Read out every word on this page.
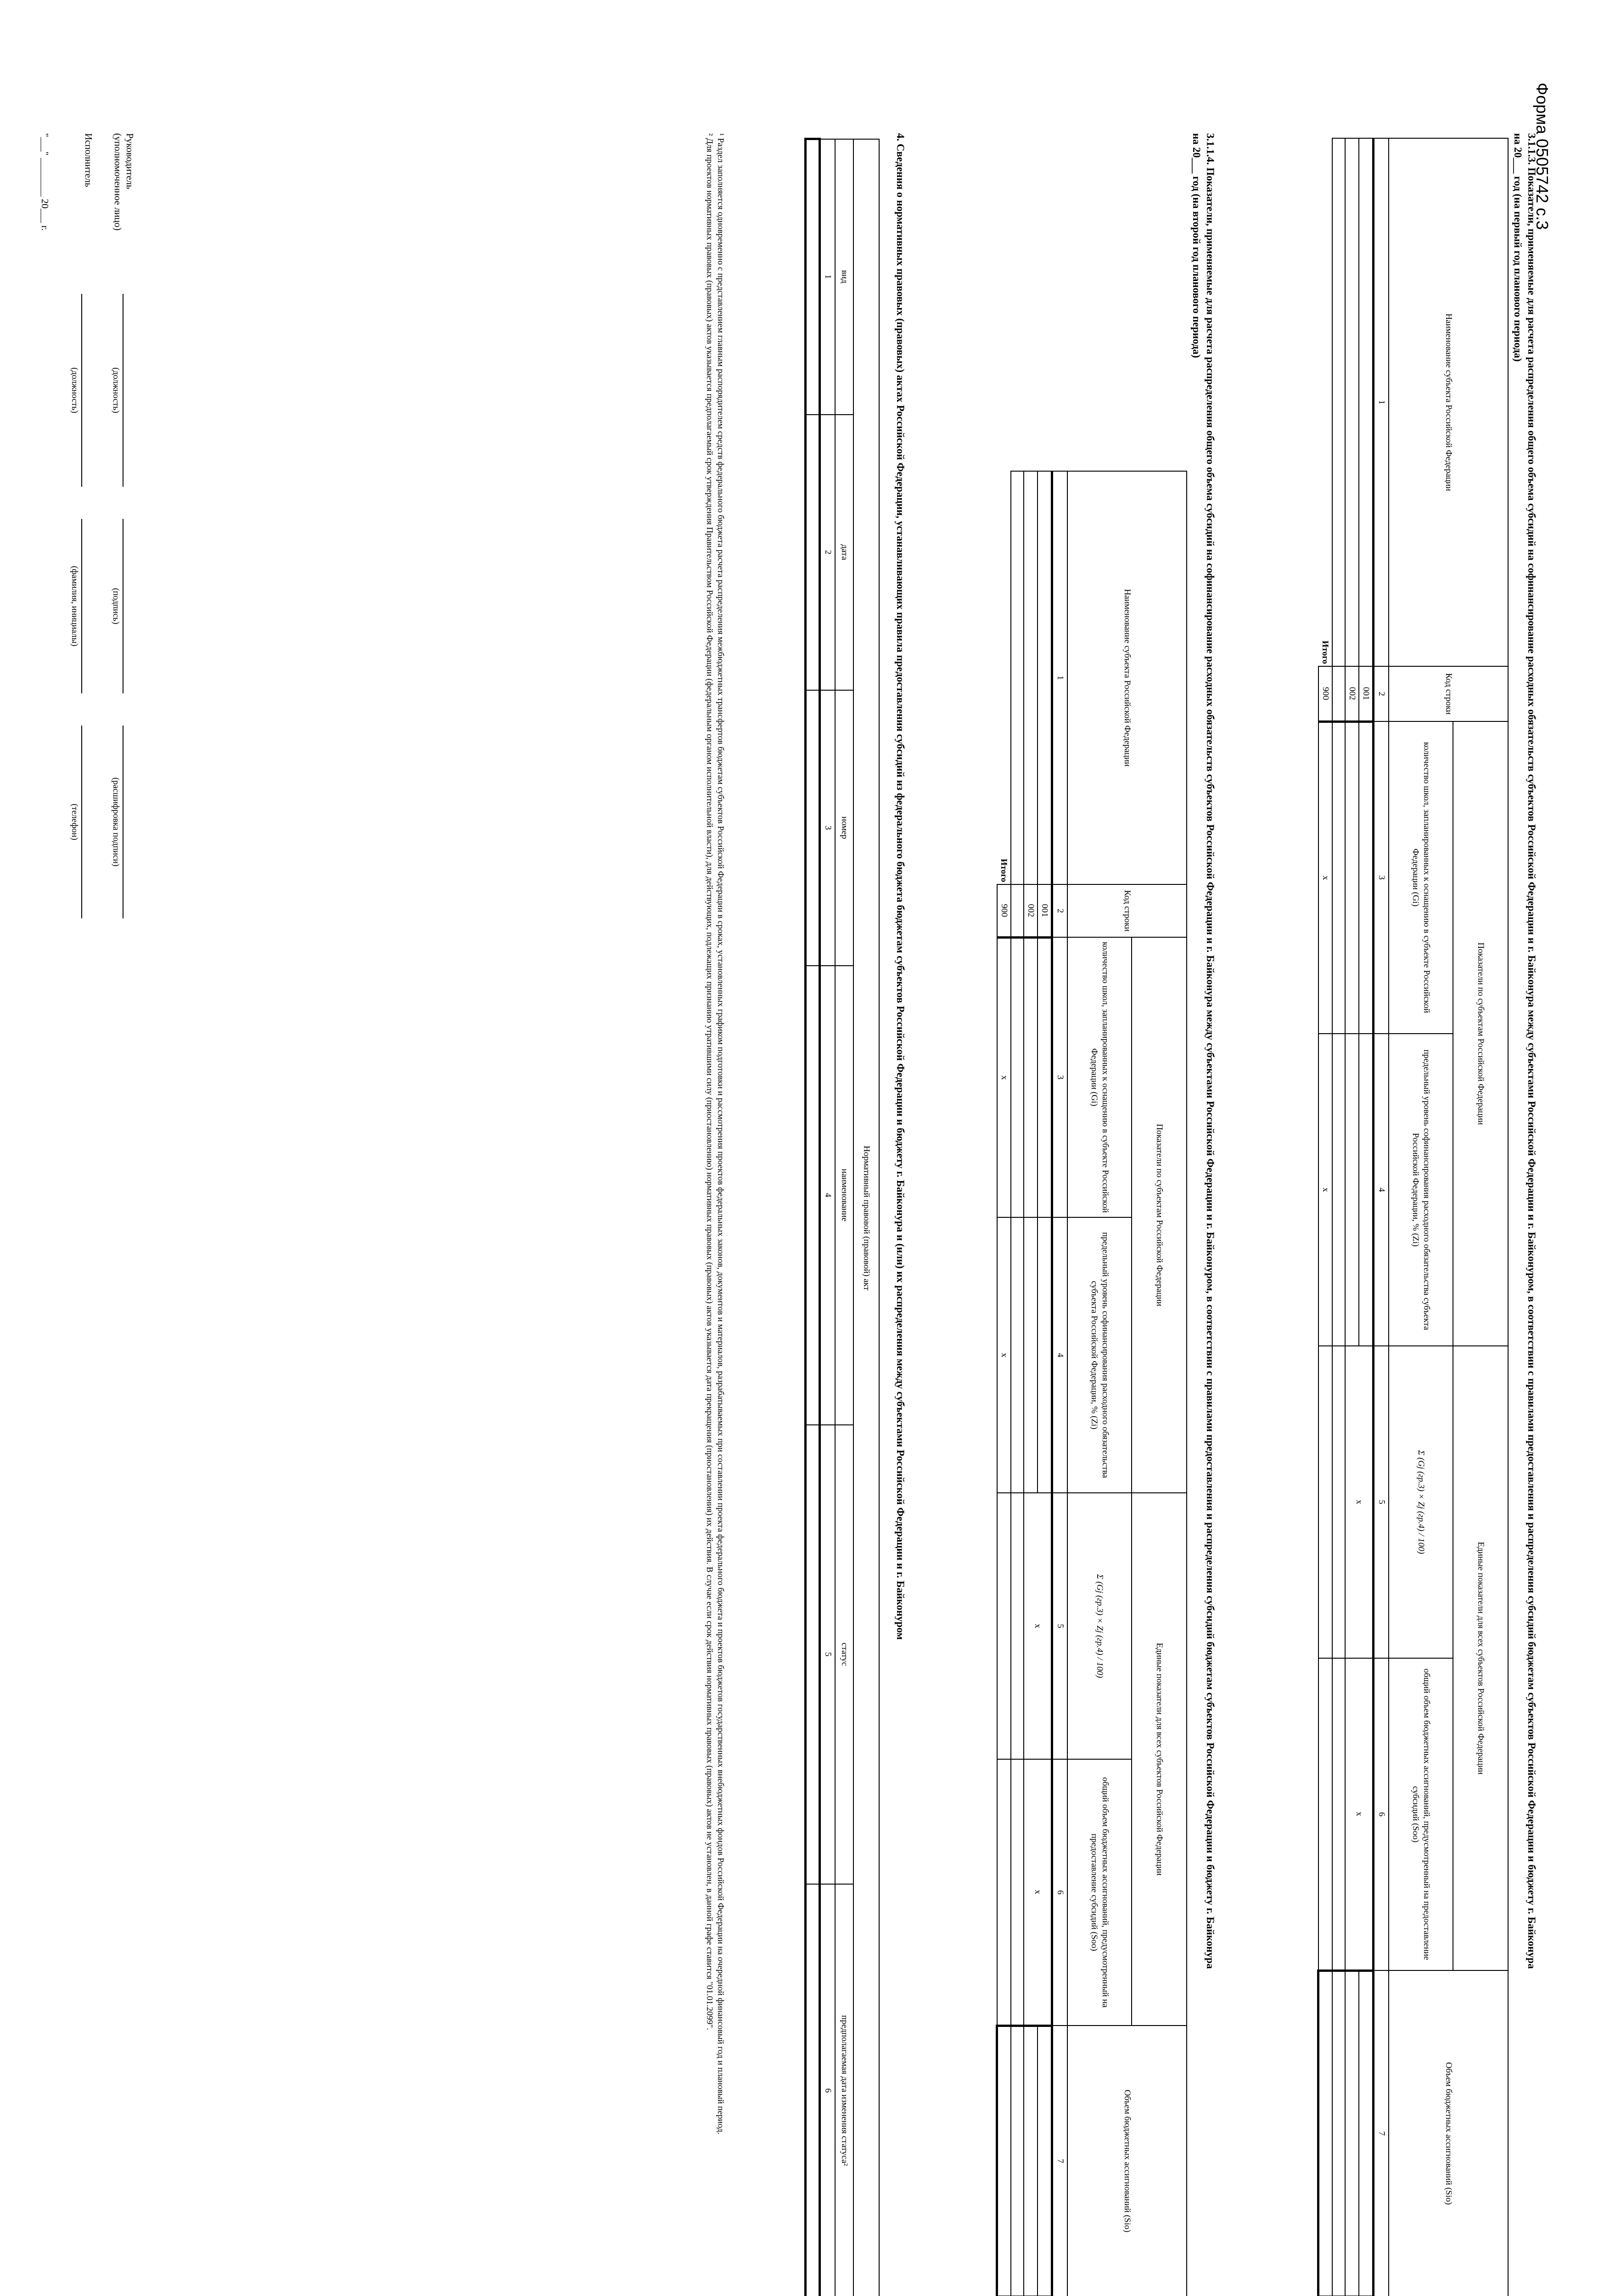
Форма 0505742 с.3
3.1.1.3. Показатели, применяемые для расчета распределения общего объема субсидий на софинансирование расходных обязательств субъектов Российской Федерации и г. Байконура между субъектами Российской Федерации и г. Байконуром, в соответствии с правилами предоставления и распределения субсидий бюджетам субъектов Российской Федерации и бюджету г. Байконура
на 20___ год (на первый год планового периода)
Наименование субъекта Российской Федерации	Код строки	Показатели по субъектам Российской Федерации		Единые показатели для всех субъектов Российской Федерации		Объем бюджетных ассигнований (Sio)
		количество школ, запланированных к оснащению в субъекте Российской Федерации (Gi)	предельный уровень софинансирования расходного обязательства субъекта Российской Федерации, % (Zi)	Σ (Gj (гр.3) × Zj (гр.4) / 100)	общий объем бюджетных ассигнований, предусмотренный на предоставление субсидий (Soo)	
1	2	3	4	5	6	7
	001			x	x	
	002					

Итого	900	x	x			
3.1.1.4. Показатели, применяемые для расчета распределения общего объема субсидий на софинансирование расходных обязательств субъектов Российской Федерации и г. Байконура между субъектами Российской Федерации и г. Байконуром, в соответствии с правилами предоставления и распределения субсидий бюджетам субъектов Российской Федерации и бюджету г. Байконура
на 20___ год (на второй год планового периода)
Наименование субъекта Российской Федерации	Код строки	Показатели по субъектам Российской Федерации		Единые показатели для всех субъектов Российской Федерации		Объем бюджетных ассигнований (Sio)
		количество школ, запланированных к оснащению в субъекте Российской Федерации (Gi)	предельный уровень софинансирования расходного обязательства субъекта Российской Федерации, % (Zi)	Σ (Gj (гр.3) × Zj (гр.4) / 100)	общий объем бюджетных ассигнований, предусмотренный на предоставление субсидий (Soo)	
1	2	3	4	5	6	7
	001			x	x	
	002					

Итого	900	x	x			
4. Сведения о нормативных правовых (правовых) актах Российской Федерации, устанавливающих правила предоставления субсидий из федерального бюджета бюджетам субъектов Российской Федерации и бюджету г. Байконура и (или) их распределения между субъектами Российской Федерации и г. Байконуром
Нормативный правовой (правовой) акт					
вид	дата	номер	наименование	статус	предполагаемая дата изменения статуса²
1	2	3	4	5	6

¹ Раздел заполняется одновременно с представлением главным распорядителем средств федерального бюджета расчета распределения межбюджетных трансфертов бюджетам субъектов Российской Федерации в сроках, установленных графиком подготовки и рассмотрения проектов федеральных законов, документов и материалов, разрабатываемых при составлении проекта федерального бюджета и проектов бюджетов государственных внебюджетных фондов Российской Федерации на очередной финансовый год и плановый период.
² Для проектов нормативных правовых (правовых) актов указывается предполагаемый срок утверждения Правительством Российской Федерации (федеральным органом исполнительной власти), для действующих, подлежащих признанию утратившими силу (приостановлению) нормативных правовых (правовых) актов указывается дата прекращения (приостановления) их действия. В случае если срок действия нормативных правовых (правовых) актов не установлен, в данной графе ставится "01.01.2099".
Руководитель
(уполномоченное лицо)
(должность)
(подпись)
(расшифровка подписи)
Исполнитель
(должность)
(фамилия, инициалы)
(телефон)
"___" ________ 20___ г.
